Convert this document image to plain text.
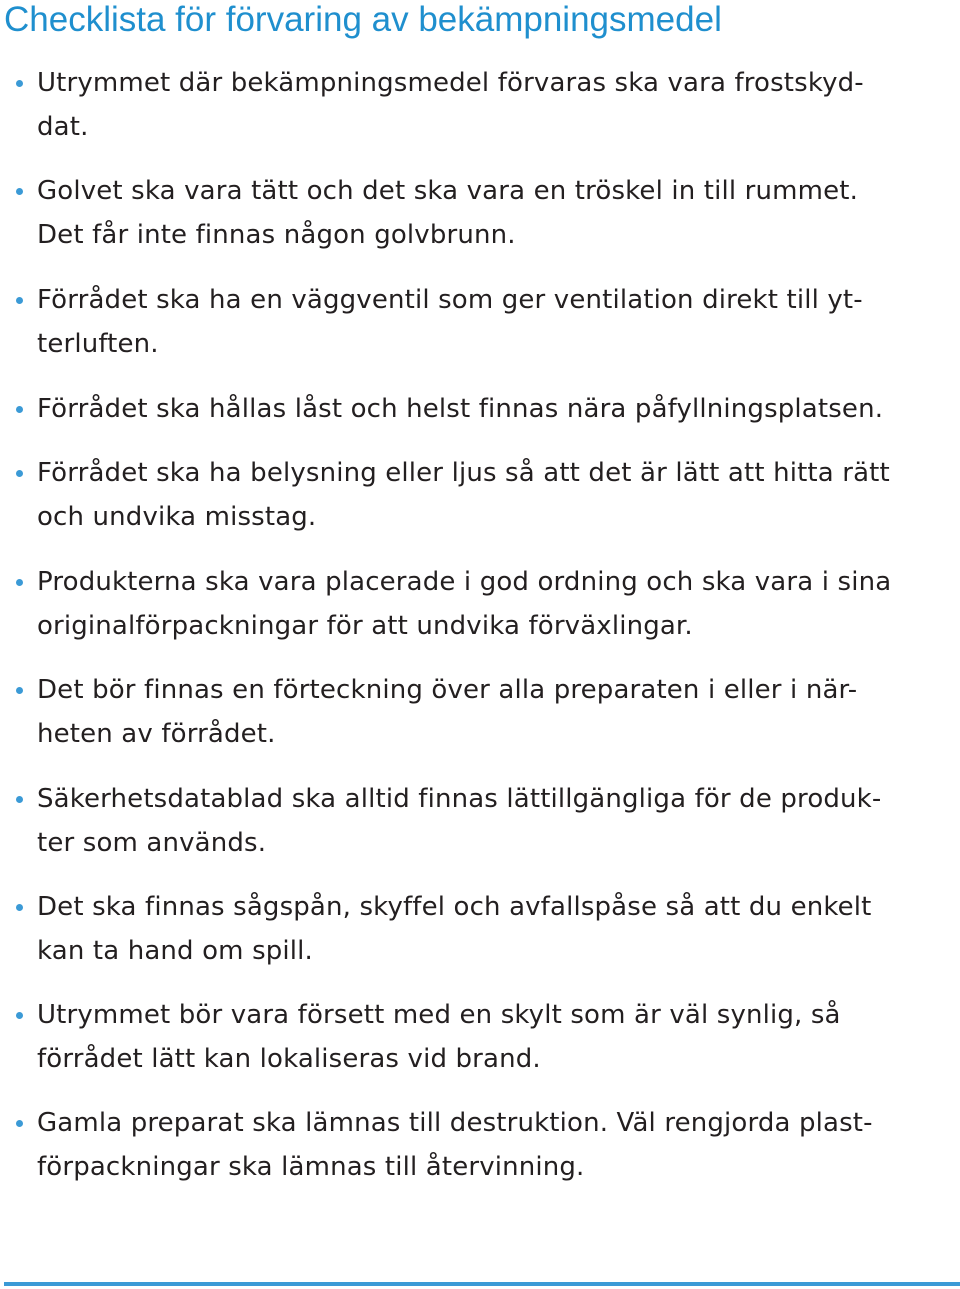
Checklista för förvaring av bekämpningsmedel

Utrymmet där bekämpningsmedel förvaras ska vara frostskyd-

dat.

Golvet ska vara tätt och det ska vara en tröskel in till rummet.

Det får inte finnas någon golvbrunn.

Förrådet ska ha en väggventil som ger ventilation direkt till yt-

terluften.

Förrådet ska hållas låst och helst finnas nära påfyllningsplatsen.

Förrådet ska ha belysning eller ljus så att det är lätt att hitta rätt

och undvika misstag.

Produkterna ska vara placerade i god ordning och ska vara i sina

originalförpackningar för att undvika förväxlingar.

Det bör finnas en förteckning över alla preparaten i eller i när-

heten av förrådet.

Säkerhetsdatablad ska alltid finnas lättillgängliga för de produk-

ter som används.

Det ska finnas sågspån, skyffel och avfallspåse så att du enkelt

kan ta hand om spill.

Utrymmet bör vara försett med en skylt som är väl synlig, så

förrådet lätt kan lokaliseras vid brand.

Gamla preparat ska lämnas till destruktion. Väl rengjorda plast-

förpackningar ska lämnas till återvinning.
